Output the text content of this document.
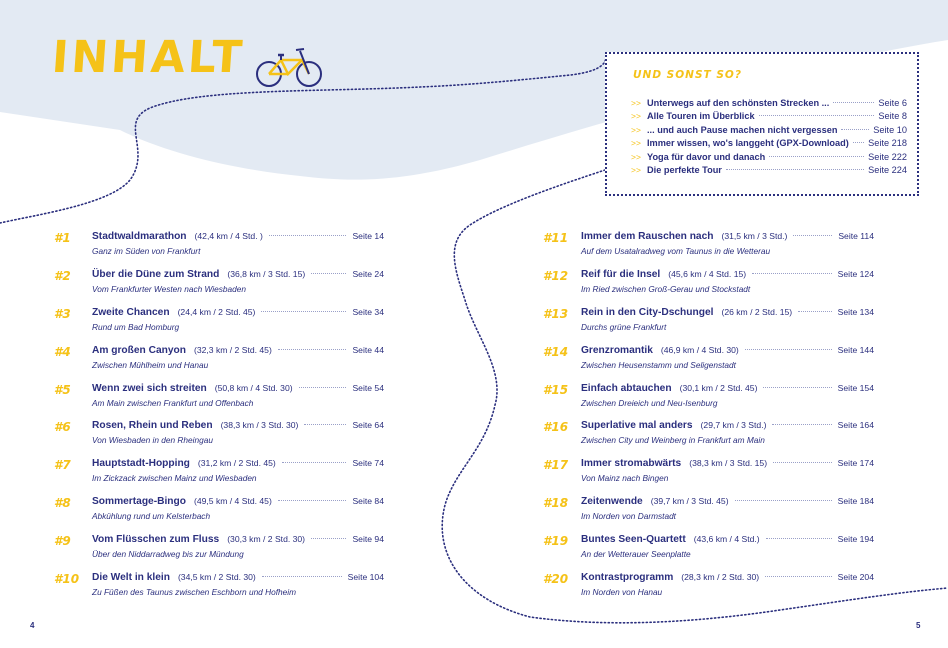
INHALT	UND SONST SO?
>> Unterwegs auf den schönsten Strecken ...	Seite 6
>> Alle Touren im Überblick	Seite 8
>> ... und auch Pause machen nicht vergessen	Seite 10
>> Immer wissen, wo's langgeht (GPX-Download) Seite 218
>> Yoga für davor und danach	Seite 222
>> Die perfekte Tour	Seite 224
#1 Stadtwaldmarathon (42,4 km / 4 Std. )	Seite 14
Ganz im Süden von Frankfurt
#2 Über die Düne zum Strand (36,8 km / 3 Std. 15)	Seite 24
Vom Frankfurter Westen nach Wiesbaden
#3 Zweite Chancen (24,4 km / 2 Std. 45)	Seite 34
Rund um Bad Homburg
#4 Am großen Canyon (32,3 km / 2 Std. 45)	Seite 44
Zwischen Mühlheim und Hanau
#5 Wenn zwei sich streiten (50,8 km / 4 Std. 30)	Seite 54
Am Main zwischen Frankfurt und Offenbach
#6 Rosen, Rhein und Reben (38,3 km / 3 Std. 30)	Seite 64
Von Wiesbaden in den Rheingau
#7 Hauptstadt-Hopping (31,2 km / 2 Std. 45)	Seite 74
Im Zickzack zwischen Mainz und Wiesbaden
#8 Sommertage-Bingo (49,5 km / 4 Std. 45)	Seite 84
Abkühlung rund um Kelsterbach
#9 Vom Flüsschen zum Fluss (30,3 km / 2 Std. 30)	Seite 94
Über den Niddarradweg bis zur Mündung
#10 Die Welt in klein (34,5 km / 2 Std. 30)	Seite 104
Zu Füßen des Taunus zwischen Eschborn und Hofheim
#11 Immer dem Rauschen nach (31,5 km / 3 Std.)	Seite 114
Auf dem Usatalradweg vom Taunus in die Wetterau
#12 Reif für die Insel (45,6 km / 4 Std. 15)	Seite 124
Im Ried zwischen Groß-Gerau und Stockstadt
#13 Rein in den City-Dschungel (26 km / 2 Std. 15)	Seite 134
Durchs grüne Frankfurt
#14 Grenzromantik (46,9 km / 4 Std. 30)	Seite 144
Zwischen Heusenstamm und Seligenstadt
#15 Einfach abtauchen (30,1 km / 2 Std. 45)	Seite 154
Zwischen Dreieich und Neu-Isenburg
#16 Superlative mal anders (29,7 km / 3 Std.)	Seite 164
Zwischen City und Weinberg in Frankfurt am Main
#17 Immer stromabwärts (38,3 km / 3 Std. 15)	Seite 174
Von Mainz nach Bingen
#18 Zeitenwende (39,7 km / 3 Std. 45)	Seite 184
Im Norden von Darmstadt
#19 Buntes Seen-Quartett (43,6 km / 4 Std.)	Seite 194
An der Wetterauer Seenplatte
#20 Kontrastprogramm (28,3 km / 2 Std. 30)	Seite 204
Im Norden von Hanau
4	5
